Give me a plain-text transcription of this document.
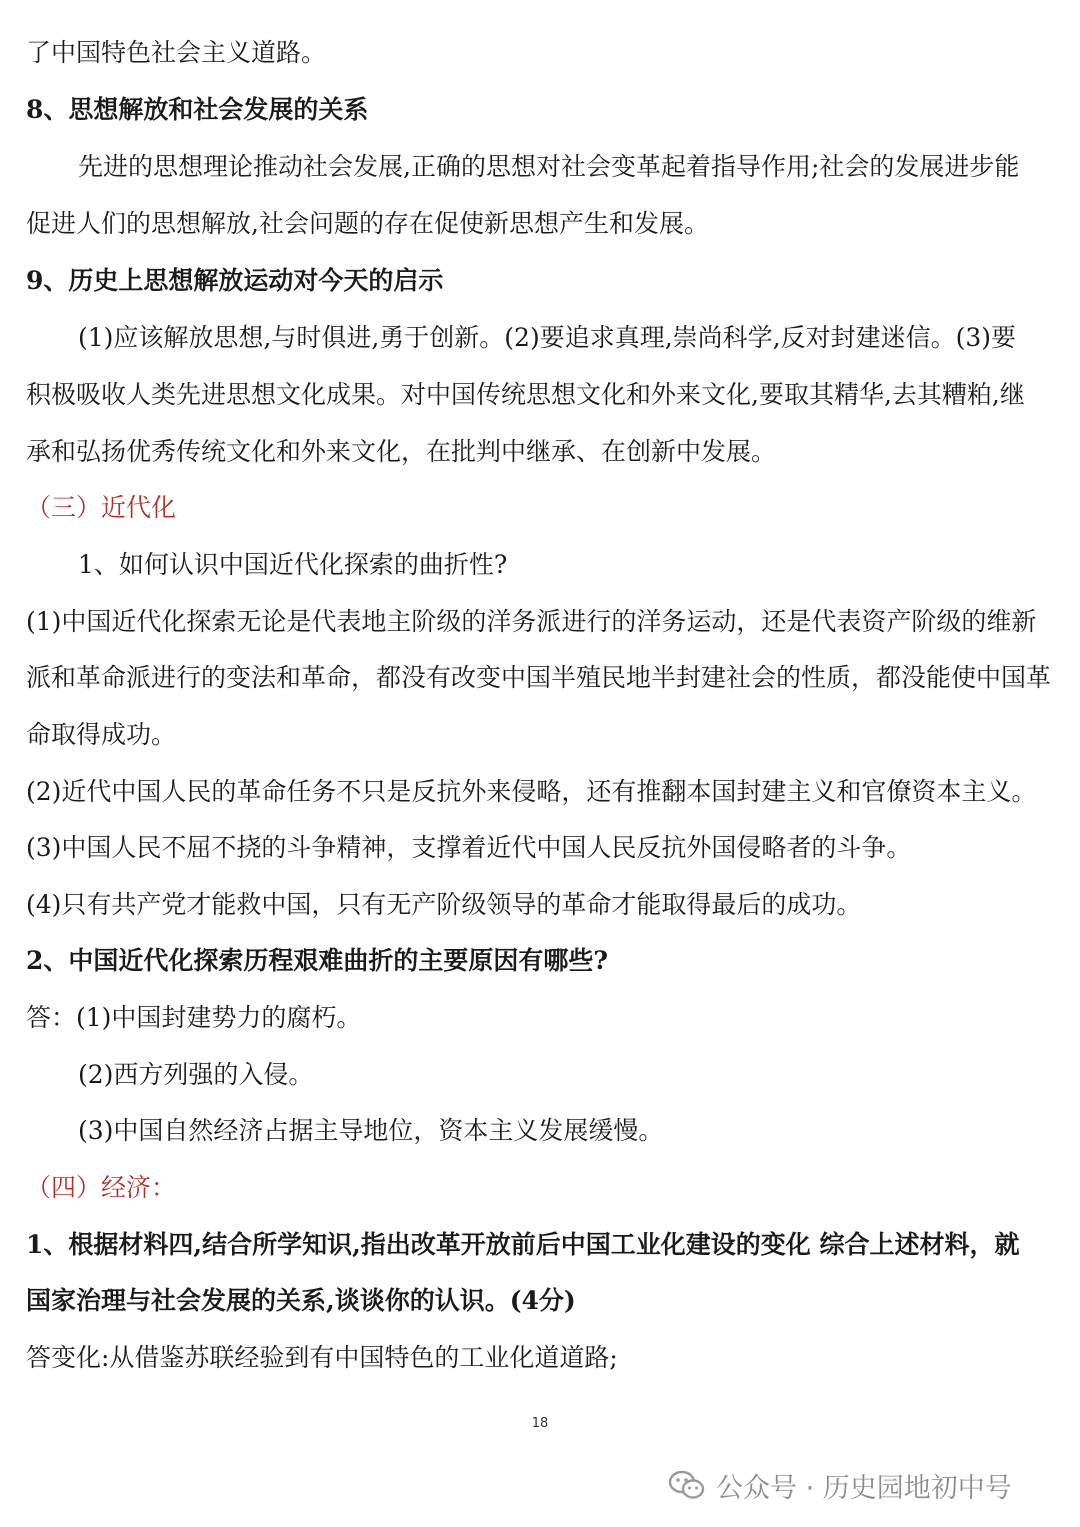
了中国特色社会主义道路。
8、思想解放和社会发展的关系
先进的思想理论推动社会发展,正确的思想对社会变革起着指导作用;社会的发展进步能
促进人们的思想解放,社会问题的存在促使新思想产生和发展。
9、历史上思想解放运动对今天的启示
(1)应该解放思想,与时俱进,勇于创新。(2)要追求真理,崇尚科学,反对封建迷信。(3)要
积极吸收人类先进思想文化成果。对中国传统思想文化和外来文化,要取其精华,去其糟粕,继
承和弘扬优秀传统文化和外来文化，在批判中继承、在创新中发展。
（三）近代化
1、如何认识中国近代化探索的曲折性?
(1)中国近代化探索无论是代表地主阶级的洋务派进行的洋务运动，还是代表资产阶级的维新
派和革命派进行的变法和革命，都没有改变中国半殖民地半封建社会的性质，都没能使中国革
命取得成功。
(2)近代中国人民的革命任务不只是反抗外来侵略，还有推翻本国封建主义和官僚资本主义。
(3)中国人民不屈不挠的斗争精神，支撑着近代中国人民反抗外国侵略者的斗争。
(4)只有共产党才能救中国，只有无产阶级领导的革命才能取得最后的成功。
2、中国近代化探索历程艰难曲折的主要原因有哪些?
答：(1)中国封建势力的腐朽。
(2)西方列强的入侵。
(3)中国自然经济占据主导地位，资本主义发展缓慢。
（四）经济：
1、根据材料四,结合所学知识,指出改革开放前后中国工业化建设的变化 综合上述材料，就
国家治理与社会发展的关系,谈谈你的认识。(4分)
答变化:从借鉴苏联经验到有中国特色的工业化道道路;
18
公众号 · 历史园地初中号
